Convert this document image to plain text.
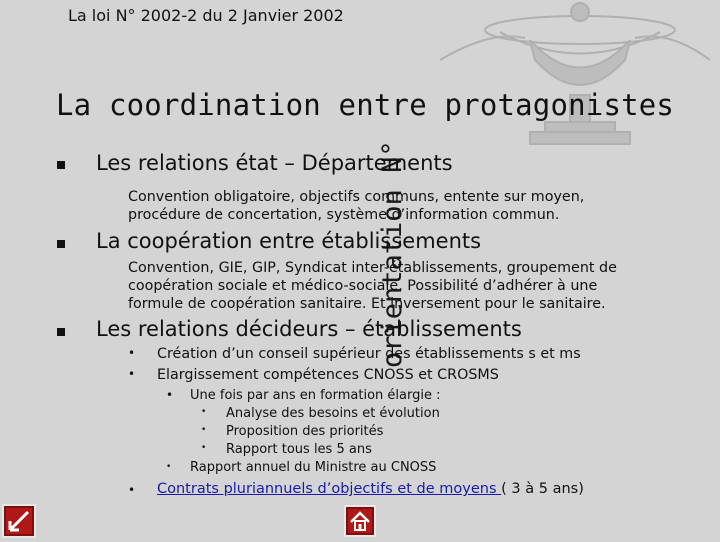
La loi N° 2002-2 du 2 Janvier 2002
La coordination entre protagonistes
orientation N°
Les relations état – Départements
Convention obligatoire, objectifs communs, entente sur moyen,
procédure de concertation, système d’information commun.
La coopération entre établissements
Convention, GIE, GIP, Syndicat inter-établissements, groupement de
coopération sociale et médico-sociale. Possibilité d’adhérer à une
formule de coopération sanitaire. Et inversement pour le sanitaire.
Les relations décideurs – établissements
• Création d’un conseil supérieur des établissements s et ms
• Elargissement compétences CNOSS et CROSMS
• Une fois par ans en formation élargie :
• Analyse des besoins et évolution
• Proposition des priorités
• Rapport tous les 5 ans
• Rapport annuel du Ministre au CNOSS
• Contrats pluriannuels d’objectifs et de moyens ( 3 à 5 ans)
